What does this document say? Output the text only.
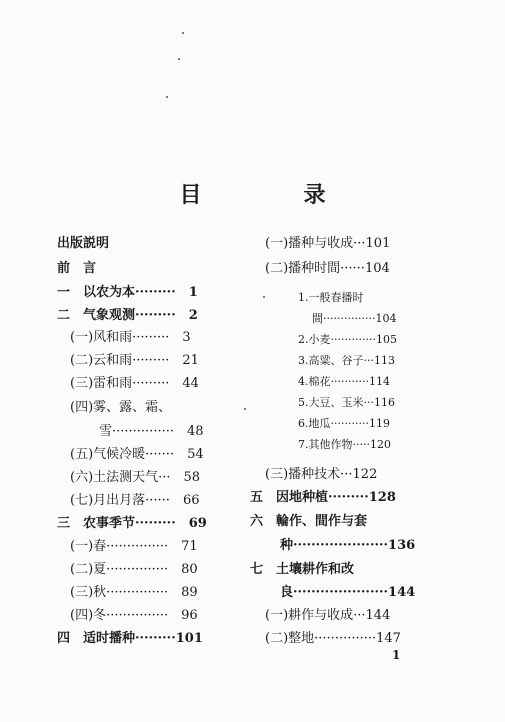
目　录
出版説明
前　言
一　以农为本·········　1
二　气象观测·········　2
(一)风和雨·········　3
(二)云和雨·········　21
(三)雷和雨·········　44
(四)雾、露、霜、
雪···············　48
(五)气候冷暖·······　54
(六)土法测天气···　58
(七)月出月落······　66
三　农事季节·········　69
(一)春···············　71
(二)夏···············　80
(三)秋···············　89
(四)冬···············　96
四　适时播种·········101
(一)播种与收成···101
(二)播种时間······104
1.一般春播时
間···············104
2.小麦·············105
3.高粱、谷子···113
4.棉花···········114
5.大豆、玉米···116
6.地瓜···········119
7.其他作物·····120
(三)播种技术···122
五　因地种植·········128
六　輪作、間作与套
种·····················136
七　土壤耕作和改
良·····················144
(一)耕作与收成···144
(二)整地···············147
1
